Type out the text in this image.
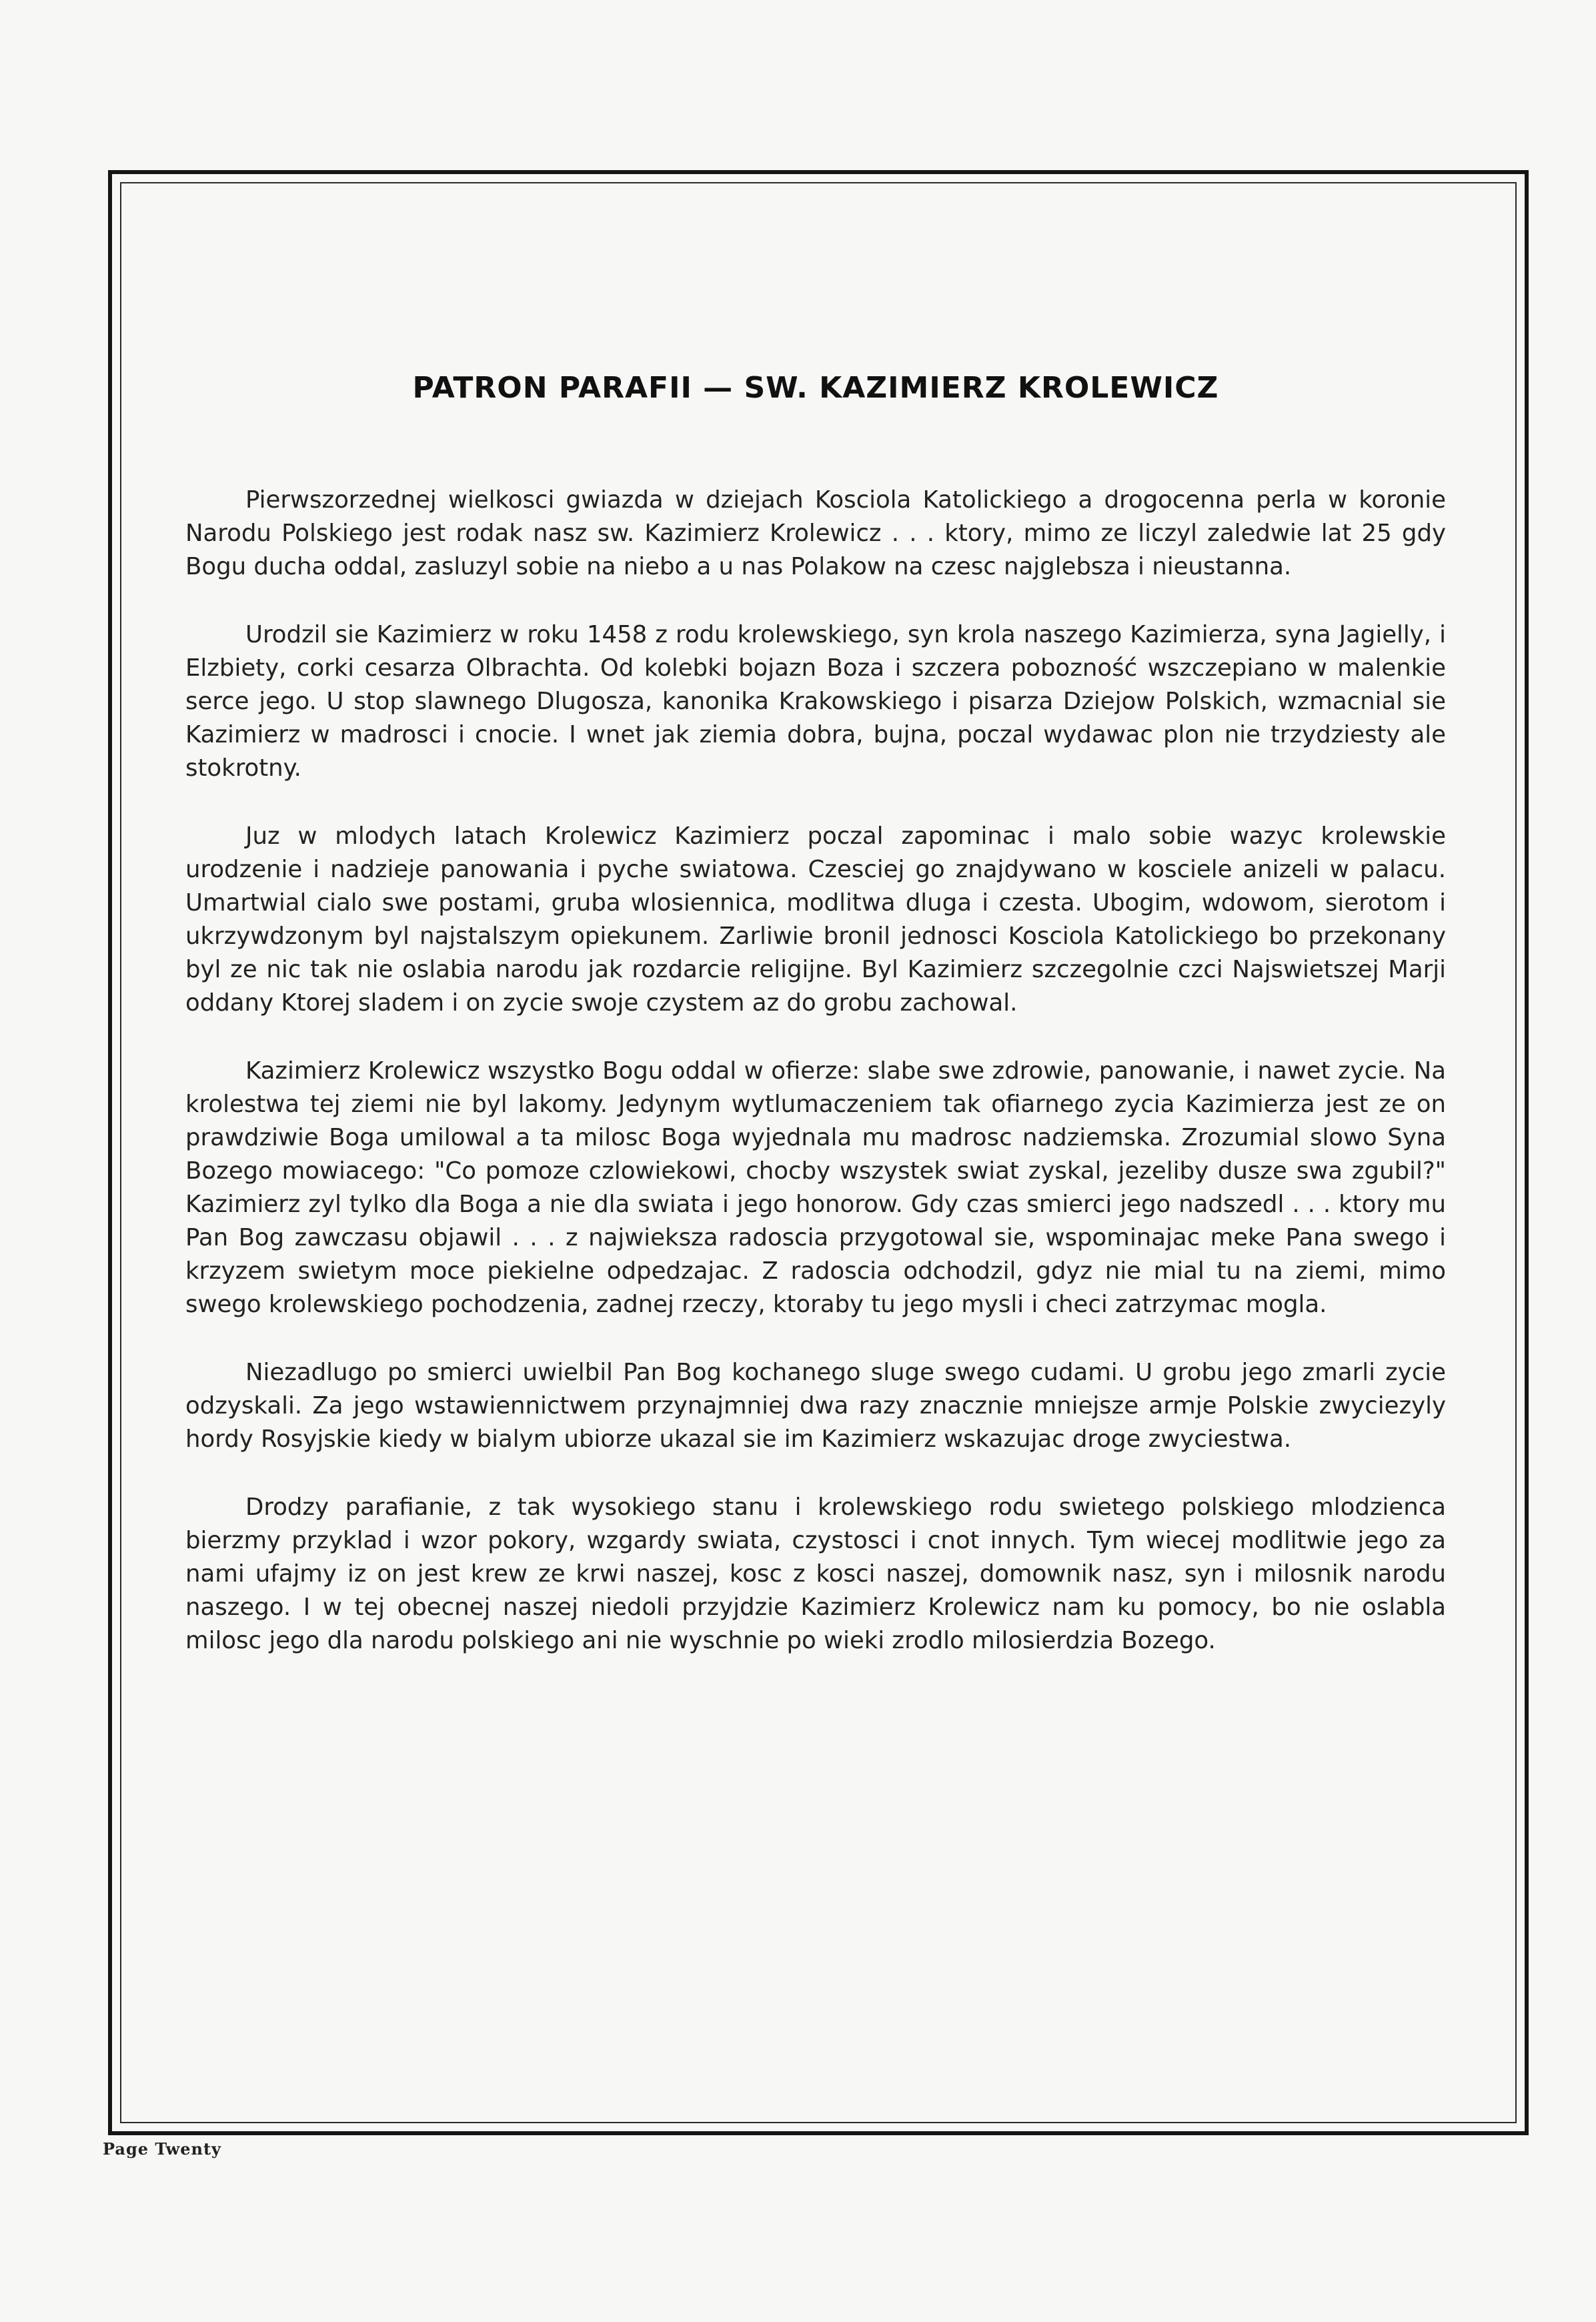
PATRON PARAFII — SW. KAZIMIERZ KROLEWICZ

Pierwszorzednej wielkosci gwiazda w dziejach Kosciola Katolickiego a drogocenna perla w koronie Narodu Polskiego jest rodak nasz sw. Kazimierz Krolewicz . . . ktory, mimo ze liczyl zaledwie lat 25 gdy Bogu ducha oddal, zasluzyl sobie na niebo a u nas Polakow na czesc najglebsza i nieustanna.

Urodzil sie Kazimierz w roku 1458 z rodu krolewskiego, syn krola naszego Kazimierza, syna Jagielly, i Elzbiety, corki cesarza Olbrachta. Od kolebki bojazn Boza i szczera pobozność wszczepiano w malenkie serce jego. U stop slawnego Dlugosza, kanonika Krakowskiego i pisarza Dziejow Polskich, wzmacnial sie Kazimierz w madrosci i cnocie. I wnet jak ziemia dobra, bujna, poczal wydawac plon nie trzydziesty ale stokrotny.

Juz w mlodych latach Krolewicz Kazimierz poczal zapominac i malo sobie wazyc krolewskie urodzenie i nadzieje panowania i pyche swiatowa. Czesciej go znajdywano w kosciele anizeli w palacu. Umartwial cialo swe postami, gruba wlosiennica, modlitwa dluga i czesta. Ubogim, wdowom, sierotom i ukrzywdzonym byl najstalszym opiekunem. Zarliwie bronil jednosci Kosciola Katolickiego bo przekonany byl ze nic tak nie oslabia narodu jak rozdarcie religijne. Byl Kazimierz szczegolnie czci Najswietszej Marji oddany Ktorej sladem i on zycie swoje czystem az do grobu zachowal.

Kazimierz Krolewicz wszystko Bogu oddal w ofierze: slabe swe zdrowie, panowanie, i nawet zycie. Na krolestwa tej ziemi nie byl lakomy. Jedynym wytlumaczeniem tak ofiarnego zycia Kazimierza jest ze on prawdziwie Boga umilowal a ta milosc Boga wyjednala mu madrosc nadziemska. Zrozumial slowo Syna Bozego mowiacego: "Co pomoze czlowiekowi, chocby wszystek swiat zyskal, jezeliby dusze swa zgubil?" Kazimierz zyl tylko dla Boga a nie dla swiata i jego honorow. Gdy czas smierci jego nadszedl . . . ktory mu Pan Bog zawczasu objawil . . . z najwieksza radoscia przygotowal sie, wspominajac meke Pana swego i krzyzem swietym moce piekielne odpedzajac. Z radoscia odchodzil, gdyz nie mial tu na ziemi, mimo swego krolewskiego pochodzenia, zadnej rzeczy, ktoraby tu jego mysli i checi zatrzymac mogla.

Niezadlugo po smierci uwielbil Pan Bog kochanego sluge swego cudami. U grobu jego zmarli zycie odzyskali. Za jego wstawiennictwem przynajmniej dwa razy znacznie mniejsze armje Polskie zwyciezyly hordy Rosyjskie kiedy w bialym ubiorze ukazal sie im Kazimierz wskazujac droge zwyciestwa.

Drodzy parafianie, z tak wysokiego stanu i krolewskiego rodu swietego polskiego mlodzienca bierzmy przyklad i wzor pokory, wzgardy swiata, czystosci i cnot innych. Tym wiecej modlitwie jego za nami ufajmy iz on jest krew ze krwi naszej, kosc z kosci naszej, domownik nasz, syn i milosnik narodu naszego. I w tej obecnej naszej niedoli przyjdzie Kazimierz Krolewicz nam ku pomocy, bo nie oslabla milosc jego dla narodu polskiego ani nie wyschnie po wieki zrodlo milosierdzia Bozego.

Page Twenty
